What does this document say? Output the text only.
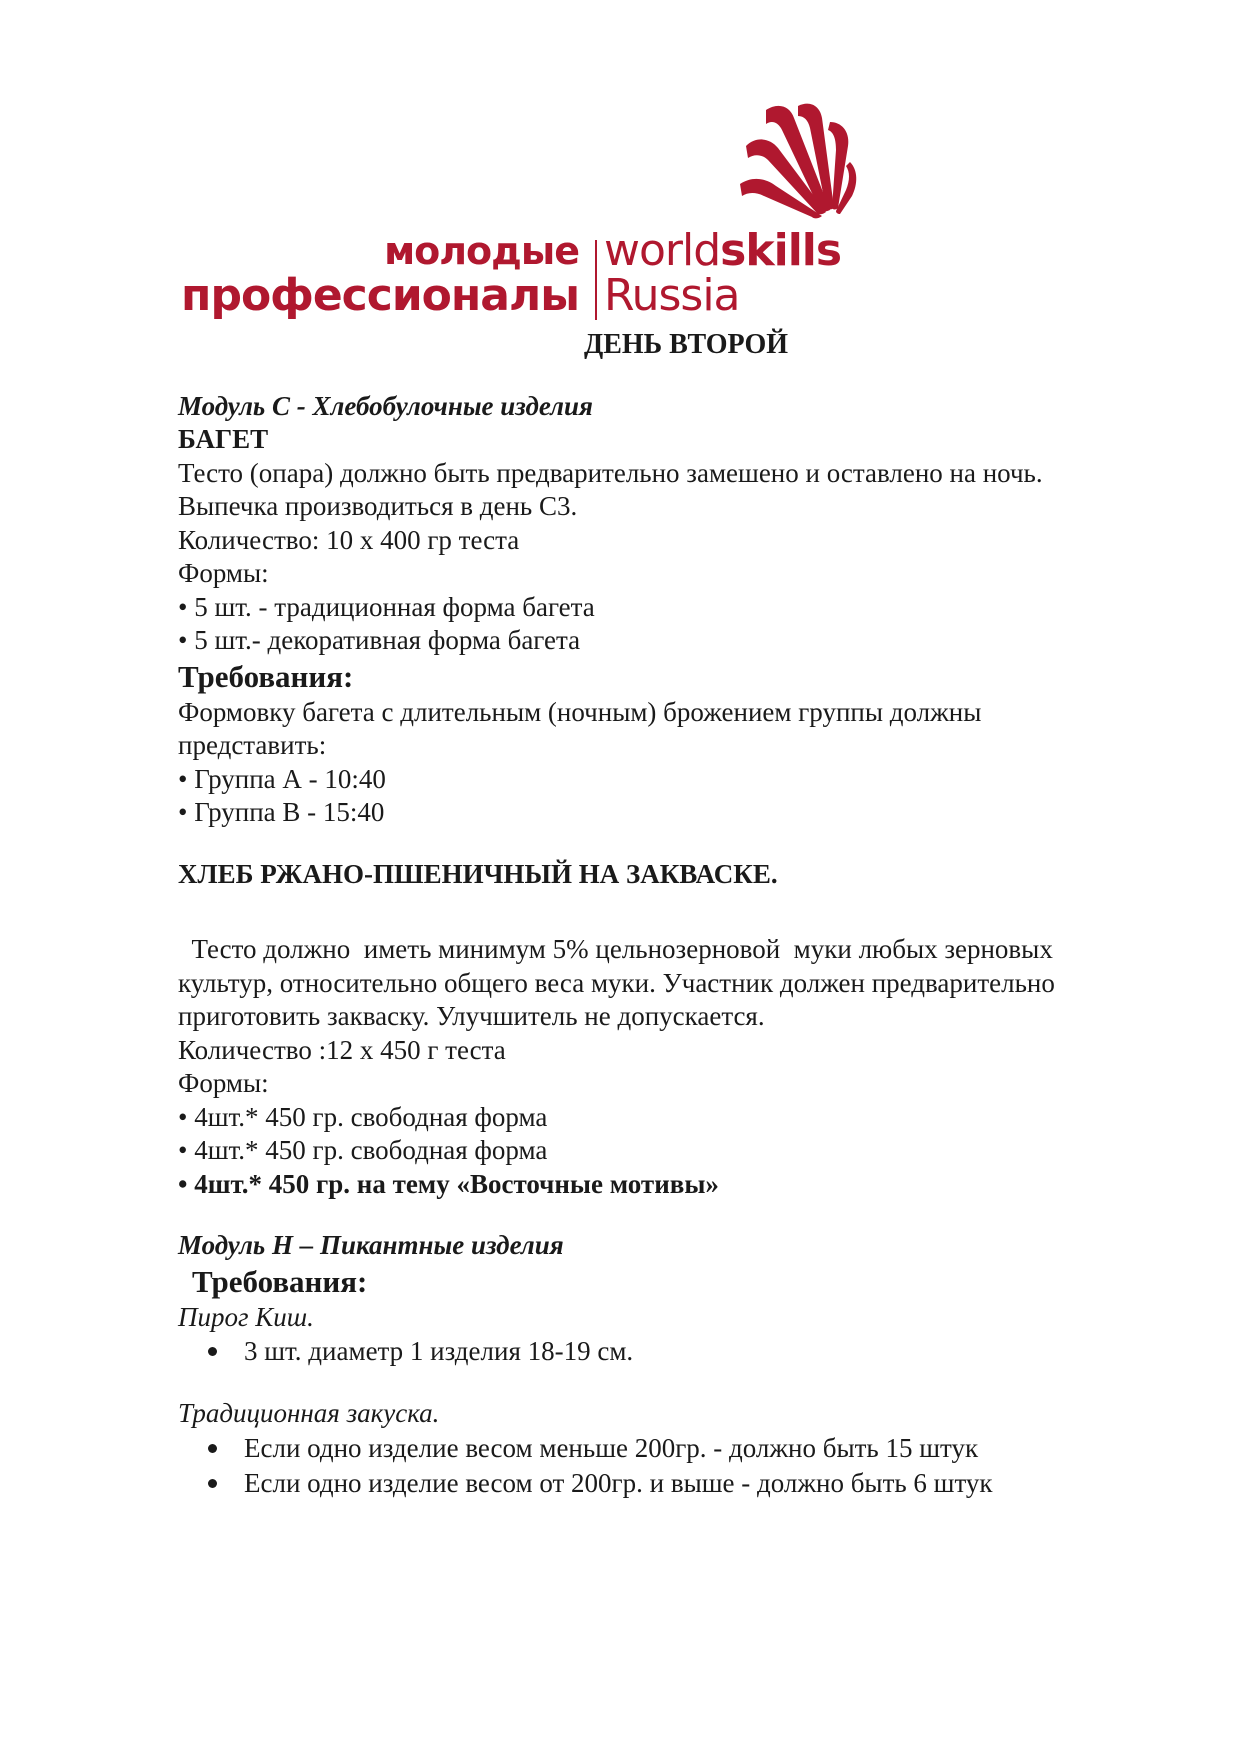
молодые
профессионалы
worldskills
Russia
ДЕНЬ ВТОРОЙ
Модуль С - Хлебобулочные изделия
БАГЕТ
Тесто (опара) должно быть предварительно замешено и оставлено на ночь.
Выпечка производиться в день С3.
Количество: 10 х 400 гр теста
Формы:
• 5 шт. - традиционная форма багета
• 5 шт.- декоративная форма багета
Требования:
Формовку багета с длительным (ночным) брожением группы должны
представить:
• Группа А - 10:40
• Группа В - 15:40
ХЛЕБ РЖАНО-ПШЕНИЧНЫЙ НА ЗАКВАСКЕ.
Тесто должно  иметь минимум 5% цельнозерновой  муки любых зерновых
культур, относительно общего веса муки. Участник должен предварительно
приготовить закваску. Улучшитель не допускается.
Количество :12 х 450 г теста
Формы:
• 4шт.* 450 гр. свободная форма
• 4шт.* 450 гр. свободная форма
• 4шт.* 450 гр. на тему «Восточные мотивы»
Модуль Н – Пикантные изделия
Требования:
Пирог Киш.
3 шт. диаметр 1 изделия 18-19 см.
Традиционная закуска.
Если одно изделие весом меньше 200гр. - должно быть 15 штук
Если одно изделие весом от 200гр. и выше - должно быть 6 штук
